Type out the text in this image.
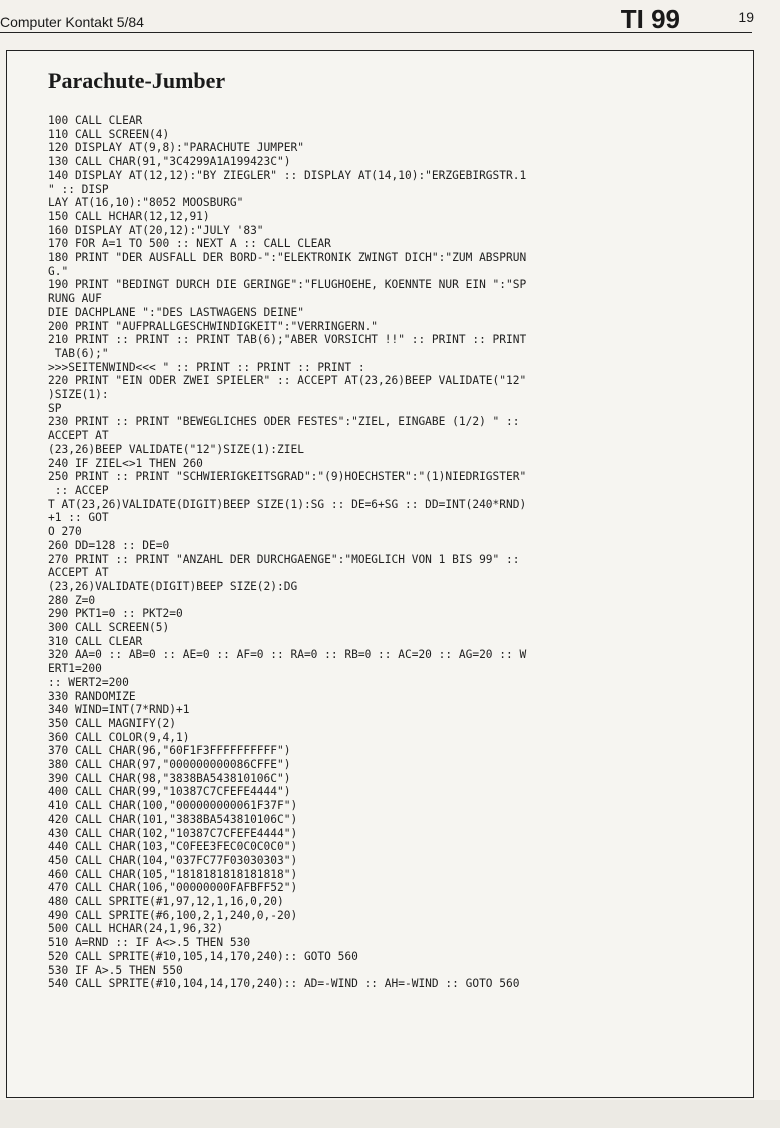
Computer Kontakt 5/84	TI 99	19
Parachute-Jumber
100 CALL CLEAR
110 CALL SCREEN(4)
120 DISPLAY AT(9,8):"PARACHUTE JUMPER"
130 CALL CHAR(91,"3C4299A1A199423C")
140 DISPLAY AT(12,12):"BY ZIEGLER" :: DISPLAY AT(14,10):"ERZGEBIRGSTR.1
" :: DISP
LAY AT(16,10):"8052 MOOSBURG"
150 CALL HCHAR(12,12,91)
160 DISPLAY AT(20,12):"JULY '83"
170 FOR A=1 TO 500 :: NEXT A :: CALL CLEAR
180 PRINT "DER AUSFALL DER BORD-":"ELEKTRONIK ZWINGT DICH":"ZUM ABSPRUN
G."
190 PRINT "BEDINGT DURCH DIE GERINGE":"FLUGHOEHE, KOENNTE NUR EIN ":"SP
RUNG AUF
DIE DACHPLANE ":"DES LASTWAGENS DEINE"
200 PRINT "AUFPRALLGESCHWINDIGKEIT":"VERRINGERN."
210 PRINT :: PRINT :: PRINT TAB(6);"ABER VORSICHT !!" :: PRINT :: PRINT
TAB(6);"
>>>SEITENWIND<<< " :: PRINT :: PRINT :: PRINT :
220 PRINT "EIN ODER ZWEI SPIELER" :: ACCEPT AT(23,26)BEEP VALIDATE("12"
)SIZE(1):
SP
230 PRINT :: PRINT "BEWEGLICHES ODER FESTES":"ZIEL, EINGABE (1/2) " ::
ACCEPT AT
(23,26)BEEP VALIDATE("12")SIZE(1):ZIEL
240 IF ZIEL<>1 THEN 260
250 PRINT :: PRINT "SCHWIERIGKEITSGRAD":"(9)HOECHSTER":"(1)NIEDRIGSTER"
:: ACCEP
T AT(23,26)VALIDATE(DIGIT)BEEP SIZE(1):SG :: DE=6+SG :: DD=INT(240*RND)
+1 :: GOT
O 270
260 DD=128 :: DE=0
270 PRINT :: PRINT "ANZAHL DER DURCHGAENGE":"MOEGLICH VON 1 BIS 99" ::
ACCEPT AT
(23,26)VALIDATE(DIGIT)BEEP SIZE(2):DG
280 Z=0
290 PKT1=0 :: PKT2=0
300 CALL SCREEN(5)
310 CALL CLEAR
320 AA=0 :: AB=0 :: AE=0 :: AF=0 :: RA=0 :: RB=0 :: AC=20 :: AG=20 :: W
ERT1=200
:: WERT2=200
330 RANDOMIZE
340 WIND=INT(7*RND)+1
350 CALL MAGNIFY(2)
360 CALL COLOR(9,4,1)
370 CALL CHAR(96,"60F1F3FFFFFFFFFF")
380 CALL CHAR(97,"000000000086CFFE")
390 CALL CHAR(98,"3838BA543810106C")
400 CALL CHAR(99,"10387C7CFEFE4444")
410 CALL CHAR(100,"000000000061F37F")
420 CALL CHAR(101,"3838BA543810106C")
430 CALL CHAR(102,"10387C7CFEFE4444")
440 CALL CHAR(103,"C0FEE3FEC0C0C0C0")
450 CALL CHAR(104,"037FC77F03030303")
460 CALL CHAR(105,"1818181818181818")
470 CALL CHAR(106,"00000000FAFBFF52")
480 CALL SPRITE(#1,97,12,1,16,0,20)
490 CALL SPRITE(#6,100,2,1,240,0,-20)
500 CALL HCHAR(24,1,96,32)
510 A=RND :: IF A<>.5 THEN 530
520 CALL SPRITE(#10,105,14,170,240):: GOTO 560
530 IF A>.5 THEN 550
540 CALL SPRITE(#10,104,14,170,240):: AD=-WIND :: AH=-WIND :: GOTO 560
